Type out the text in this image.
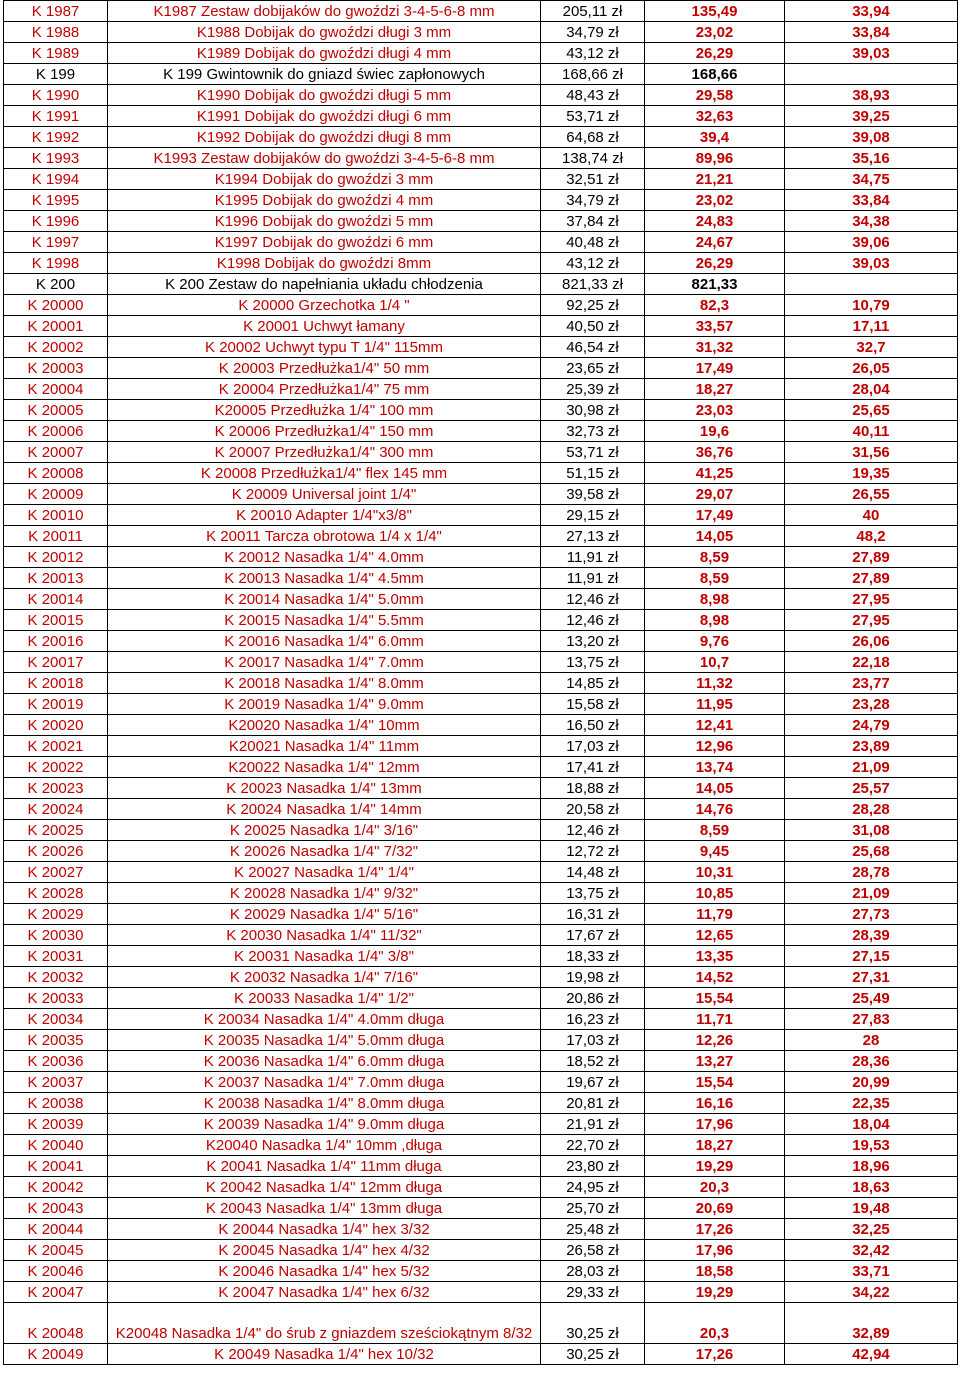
K 1987	K1987 Zestaw dobijaków do gwoździ 3-4-5-6-8 mm	205,11 zł	135,49	33,94
K 1988	K1988 Dobijak do gwoździ długi 3 mm	34,79 zł	23,02	33,84
K 1989	K1989 Dobijak do gwoździ długi 4 mm	43,12 zł	26,29	39,03
K 199	K 199 Gwintownik do gniazd świec zapłonowych	168,66 zł	168,66	
K 1990	K1990 Dobijak do gwoździ długi 5 mm	48,43 zł	29,58	38,93
K 1991	K1991 Dobijak do gwoździ długi 6 mm	53,71 zł	32,63	39,25
K 1992	K1992 Dobijak do gwoździ długi 8 mm	64,68 zł	39,4	39,08
K 1993	K1993 Zestaw dobijaków do gwoździ 3-4-5-6-8 mm	138,74 zł	89,96	35,16
K 1994	K1994 Dobijak do gwoździ 3 mm	32,51 zł	21,21	34,75
K 1995	K1995 Dobijak do gwoździ 4 mm	34,79 zł	23,02	33,84
K 1996	K1996 Dobijak do gwoździ 5 mm	37,84 zł	24,83	34,38
K 1997	K1997 Dobijak do gwoździ 6 mm	40,48 zł	24,67	39,06
K 1998	K1998 Dobijak do gwoździ 8mm	43,12 zł	26,29	39,03
K 200	K 200 Zestaw do napełniania układu chłodzenia	821,33 zł	821,33	
K 20000	K 20000 Grzechotka 1/4 "	92,25 zł	82,3	10,79
K 20001	K 20001 Uchwyt łamany	40,50 zł	33,57	17,11
K 20002	K 20002 Uchwyt typu T 1/4" 115mm	46,54 zł	31,32	32,7
K 20003	K 20003 Przedłużka1/4" 50 mm	23,65 zł	17,49	26,05
K 20004	K 20004 Przedłużka1/4" 75 mm	25,39 zł	18,27	28,04
K 20005	K20005 Przedłużka 1/4" 100 mm	30,98 zł	23,03	25,65
K 20006	K 20006 Przedłużka1/4" 150 mm	32,73 zł	19,6	40,11
K 20007	K 20007 Przedłużka1/4" 300 mm	53,71 zł	36,76	31,56
K 20008	K 20008 Przedłużka1/4" flex 145 mm	51,15 zł	41,25	19,35
K 20009	K 20009 Universal joint 1/4"	39,58 zł	29,07	26,55
K 20010	K 20010 Adapter 1/4"x3/8"	29,15 zł	17,49	40
K 20011	K 20011 Tarcza obrotowa 1/4 x 1/4"	27,13 zł	14,05	48,2
K 20012	K 20012 Nasadka 1/4" 4.0mm	11,91 zł	8,59	27,89
K 20013	K 20013 Nasadka 1/4" 4.5mm	11,91 zł	8,59	27,89
K 20014	K 20014 Nasadka 1/4" 5.0mm	12,46 zł	8,98	27,95
K 20015	K 20015 Nasadka 1/4" 5.5mm	12,46 zł	8,98	27,95
K 20016	K 20016 Nasadka 1/4" 6.0mm	13,20 zł	9,76	26,06
K 20017	K 20017 Nasadka 1/4" 7.0mm	13,75 zł	10,7	22,18
K 20018	K 20018 Nasadka 1/4" 8.0mm	14,85 zł	11,32	23,77
K 20019	K 20019 Nasadka 1/4" 9.0mm	15,58 zł	11,95	23,28
K 20020	K20020 Nasadka 1/4" 10mm	16,50 zł	12,41	24,79
K 20021	K20021 Nasadka 1/4" 11mm	17,03 zł	12,96	23,89
K 20022	K20022 Nasadka 1/4" 12mm	17,41 zł	13,74	21,09
K 20023	K 20023 Nasadka 1/4" 13mm	18,88 zł	14,05	25,57
K 20024	K 20024 Nasadka 1/4" 14mm	20,58 zł	14,76	28,28
K 20025	K 20025 Nasadka 1/4" 3/16"	12,46 zł	8,59	31,08
K 20026	K 20026 Nasadka 1/4" 7/32"	12,72 zł	9,45	25,68
K 20027	K 20027 Nasadka 1/4" 1/4"	14,48 zł	10,31	28,78
K 20028	K 20028 Nasadka 1/4" 9/32"	13,75 zł	10,85	21,09
K 20029	K 20029 Nasadka 1/4" 5/16"	16,31 zł	11,79	27,73
K 20030	K 20030 Nasadka 1/4" 11/32"	17,67 zł	12,65	28,39
K 20031	K 20031 Nasadka 1/4" 3/8"	18,33 zł	13,35	27,15
K 20032	K 20032 Nasadka 1/4" 7/16"	19,98 zł	14,52	27,31
K 20033	K 20033 Nasadka 1/4" 1/2"	20,86 zł	15,54	25,49
K 20034	K 20034 Nasadka 1/4" 4.0mm długa	16,23 zł	11,71	27,83
K 20035	K 20035 Nasadka 1/4" 5.0mm długa	17,03 zł	12,26	28
K 20036	K 20036 Nasadka 1/4" 6.0mm długa	18,52 zł	13,27	28,36
K 20037	K 20037 Nasadka 1/4" 7.0mm długa	19,67 zł	15,54	20,99
K 20038	K 20038 Nasadka 1/4" 8.0mm długa	20,81 zł	16,16	22,35
K 20039	K 20039 Nasadka 1/4" 9.0mm długa	21,91 zł	17,96	18,04
K 20040	K20040 Nasadka 1/4" 10mm ,długa	22,70 zł	18,27	19,53
K 20041	K 20041 Nasadka 1/4" 11mm długa	23,80 zł	19,29	18,96
K 20042	K 20042 Nasadka 1/4" 12mm długa	24,95 zł	20,3	18,63
K 20043	K 20043 Nasadka 1/4" 13mm długa	25,70 zł	20,69	19,48
K 20044	K 20044 Nasadka 1/4" hex 3/32	25,48 zł	17,26	32,25
K 20045	K 20045 Nasadka 1/4" hex 4/32	26,58 zł	17,96	32,42
K 20046	K 20046 Nasadka 1/4" hex 5/32	28,03 zł	18,58	33,71
K 20047	K 20047 Nasadka 1/4" hex 6/32	29,33 zł	19,29	34,22
K 20048	K20048 Nasadka 1/4" do śrub z gniazdem sześciokątnym 8/32	30,25 zł	20,3	32,89
K 20049	K 20049 Nasadka 1/4" hex 10/32	30,25 zł	17,26	42,94
